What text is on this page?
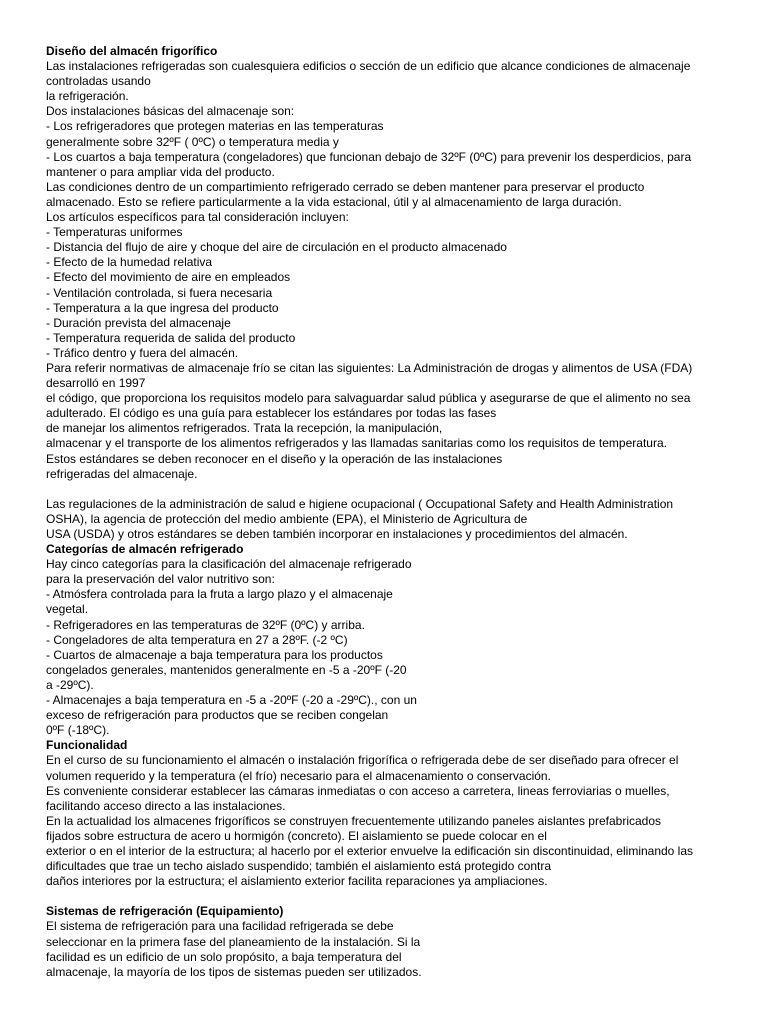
Diseño del almacén frigorífico
Las instalaciones refrigeradas son cualesquiera edificios o sección de un edificio que alcance condiciones de almacenaje
controladas usando
la refrigeración.
Dos instalaciones básicas del almacenaje son:
- Los refrigeradores que protegen materias en las temperaturas
generalmente sobre 32ºF ( 0ºC) o temperatura media y
- Los cuartos a baja temperatura (congeladores) que funcionan debajo de 32ºF (0ºC) para prevenir los desperdicios, para
mantener o para ampliar vida del producto.
Las condiciones dentro de un compartimiento refrigerado cerrado se deben mantener para preservar el producto
almacenado. Esto se refiere particularmente a la vida estacional, útil y al almacenamiento de larga duración.
Los artículos específicos para tal consideración incluyen:
- Temperaturas uniformes
- Distancia del flujo de aire y choque del aire de circulación en el producto almacenado
- Efecto de la humedad relativa
- Efecto del movimiento de aire en empleados
- Ventilación controlada, si fuera necesaria
- Temperatura a la que ingresa del producto
- Duración prevista del almacenaje
- Temperatura requerida de salida del producto
- Tráfico dentro y fuera del almacén.
Para referir normativas de almacenaje frío se citan las siguientes: La Administración de drogas y alimentos de USA (FDA)
desarrolló en 1997
el código, que proporciona los requisitos modelo para salvaguardar salud pública y asegurarse de que el alimento no sea
adulterado. El código es una guía para establecer los estándares por todas las fases
de manejar los alimentos refrigerados. Trata la recepción, la manipulación,
almacenar y el transporte de los alimentos refrigerados y las llamadas sanitarias como los requisitos de temperatura.
Estos estándares se deben reconocer en el diseño y la operación de las instalaciones
refrigeradas del almacenaje.
Las regulaciones de la administración de salud e higiene ocupacional ( Occupational Safety and Health Administration
OSHA), la agencia de protección del medio ambiente (EPA), el Ministerio de Agricultura de
USA (USDA) y otros estándares se deben también incorporar en instalaciones y procedimientos del almacén.
Categorías de almacén refrigerado
Hay cinco categorías para la clasificación del almacenaje refrigerado
para la preservación del valor nutritivo son:
- Atmósfera controlada para la fruta a largo plazo y el almacenaje
vegetal.
- Refrigeradores en las temperaturas de 32ºF (0ºC) y arriba.
- Congeladores de alta temperatura en 27 a 28ºF. (-2 ºC)
- Cuartos de almacenaje a baja temperatura para los productos
congelados generales, mantenidos generalmente en -5 a -20ºF (-20
a -29ºC).
- Almacenajes a baja temperatura en -5 a -20ºF (-20 a -29ºC)., con un
exceso de refrigeración para productos que se reciben congelan
0ºF (-18ºC).
Funcionalidad
En el curso de su funcionamiento el almacén o instalación frigorífica o refrigerada debe de ser diseñado para ofrecer el
volumen requerido y la temperatura (el frío) necesario para el almacenamiento o conservación.
Es conveniente considerar establecer las cámaras inmediatas o con acceso a carretera, lineas ferroviarias o muelles,
facilitando acceso directo a las instalaciones.
En la actualidad los almacenes frigoríficos se construyen frecuentemente utilizando paneles aislantes prefabricados
fijados sobre estructura de acero u hormigón (concreto). El aislamiento se puede colocar en el
exterior o en el interior de la estructura; al hacerlo por el exterior envuelve la edificación sin discontinuidad, eliminando las
dificultades que trae un techo aislado suspendido; también el aislamiento está protegido contra
daños interiores por la estructura; el aislamiento exterior facilita reparaciones ya ampliaciones.
Sistemas de refrigeración (Equipamiento)
El sistema de refrigeración para una facilidad refrigerada se debe
seleccionar en la primera fase del planeamiento de la instalación. Si la
facilidad es un edificio de un solo propósito, a baja temperatura del
almacenaje, la mayoría de los tipos de sistemas pueden ser utilizados.
